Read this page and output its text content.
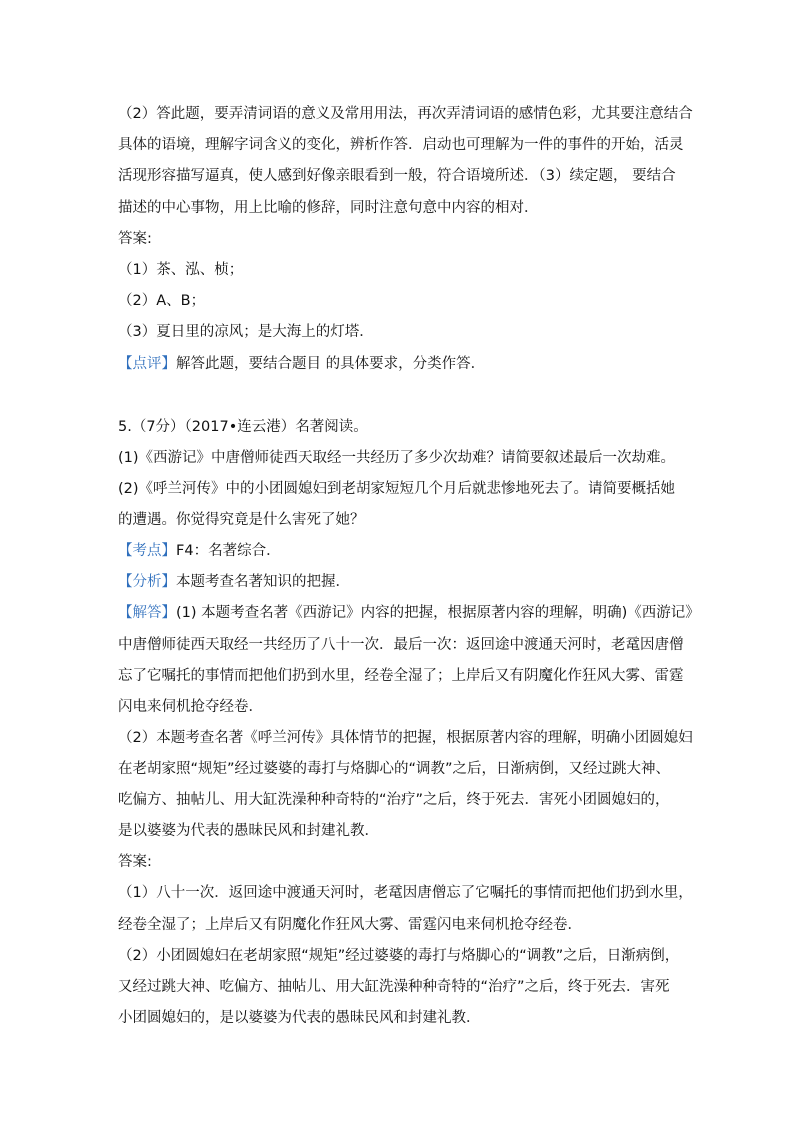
（2）答此题，要弄清词语的意义及常用用法，再次弄清词语的感情色彩，尤其要注意结合
具体的语境，理解字词含义的变化，辨析作答．启动也可理解为一件的事件的开始，活灵
活现形容描写逼真，使人感到好像亲眼看到一般，符合语境所述．（3）续定题， 要结合
描述的中心事物，用上比喻的修辞，同时注意句意中内容的相对．
答案:
（1）茶、泓、桢；
（2）A、B；
（3）夏日里的凉风；是大海上的灯塔．
【点评】解答此题，要结合题目 的具体要求，分类作答．
5.（7分）（2017•连云港）名著阅读。
(1)《西游记》中唐僧师徒西天取经一共经历了多少次劫难？请简要叙述最后一次劫难。
(2)《呼兰河传》中的小团圆媳妇到老胡家短短几个月后就悲惨地死去了。请简要概括她
的遭遇。你觉得究竟是什么害死了她？
【考点】F4：名著综合．
【分析】本题考查名著知识的把握．
【解答】(1) 本题考查名著《西游记》内容的把握，根据原著内容的理解，明确)《西游记》
中唐僧师徒西天取经一共经历了八十一次．最后一次：返回途中渡通天河时，老鼋因唐僧
忘了它嘱托的事情而把他们扔到水里，经卷全湿了；上岸后又有阴魔化作狂风大雾、雷霆
闪电来伺机抢夺经卷．
（2）本题考查名著《呼兰河传》具体情节的把握，根据原著内容的理解，明确小团圆媳妇
在老胡家照“规矩”经过婆婆的毒打与烙脚心的“调教”之后，日渐病倒，又经过跳大神、
吃偏方、抽帖儿、用大缸洗澡种种奇特的“治疗”之后，终于死去．害死小团圆媳妇的，
是以婆婆为代表的愚昧民风和封建礼教．
答案:
（1）八十一次．返回途中渡通天河时，老鼋因唐僧忘了它嘱托的事情而把他们扔到水里，
经卷全湿了；上岸后又有阴魔化作狂风大雾、雷霆闪电来伺机抢夺经卷．
（2）小团圆媳妇在老胡家照“规矩”经过婆婆的毒打与烙脚心的“调教”之后，日渐病倒，
又经过跳大神、吃偏方、抽帖儿、用大缸洗澡种种奇特的“治疗”之后，终于死去．害死
小团圆媳妇的，是以婆婆为代表的愚昧民风和封建礼教．
